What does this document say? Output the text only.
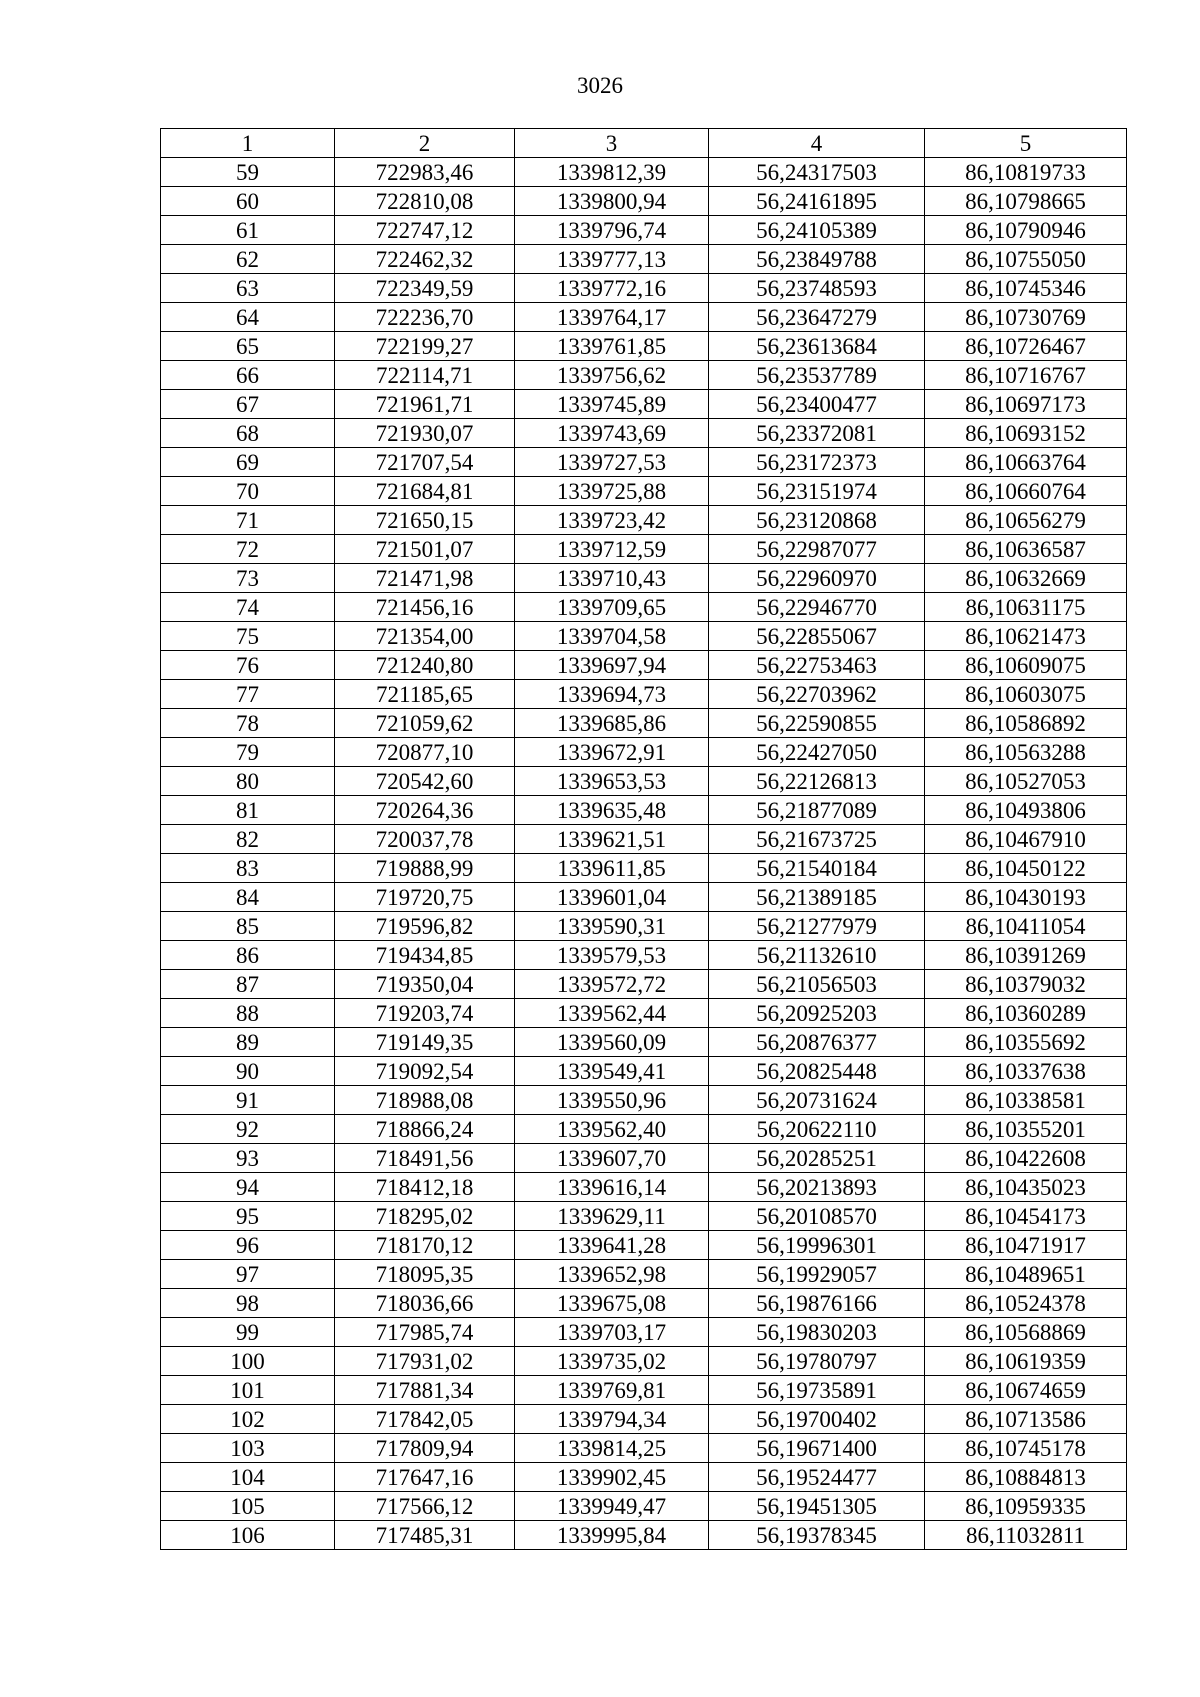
3026
1	2	3	4	5
59	722983,46	1339812,39	56,24317503	86,10819733
60	722810,08	1339800,94	56,24161895	86,10798665
61	722747,12	1339796,74	56,24105389	86,10790946
62	722462,32	1339777,13	56,23849788	86,10755050
63	722349,59	1339772,16	56,23748593	86,10745346
64	722236,70	1339764,17	56,23647279	86,10730769
65	722199,27	1339761,85	56,23613684	86,10726467
66	722114,71	1339756,62	56,23537789	86,10716767
67	721961,71	1339745,89	56,23400477	86,10697173
68	721930,07	1339743,69	56,23372081	86,10693152
69	721707,54	1339727,53	56,23172373	86,10663764
70	721684,81	1339725,88	56,23151974	86,10660764
71	721650,15	1339723,42	56,23120868	86,10656279
72	721501,07	1339712,59	56,22987077	86,10636587
73	721471,98	1339710,43	56,22960970	86,10632669
74	721456,16	1339709,65	56,22946770	86,10631175
75	721354,00	1339704,58	56,22855067	86,10621473
76	721240,80	1339697,94	56,22753463	86,10609075
77	721185,65	1339694,73	56,22703962	86,10603075
78	721059,62	1339685,86	56,22590855	86,10586892
79	720877,10	1339672,91	56,22427050	86,10563288
80	720542,60	1339653,53	56,22126813	86,10527053
81	720264,36	1339635,48	56,21877089	86,10493806
82	720037,78	1339621,51	56,21673725	86,10467910
83	719888,99	1339611,85	56,21540184	86,10450122
84	719720,75	1339601,04	56,21389185	86,10430193
85	719596,82	1339590,31	56,21277979	86,10411054
86	719434,85	1339579,53	56,21132610	86,10391269
87	719350,04	1339572,72	56,21056503	86,10379032
88	719203,74	1339562,44	56,20925203	86,10360289
89	719149,35	1339560,09	56,20876377	86,10355692
90	719092,54	1339549,41	56,20825448	86,10337638
91	718988,08	1339550,96	56,20731624	86,10338581
92	718866,24	1339562,40	56,20622110	86,10355201
93	718491,56	1339607,70	56,20285251	86,10422608
94	718412,18	1339616,14	56,20213893	86,10435023
95	718295,02	1339629,11	56,20108570	86,10454173
96	718170,12	1339641,28	56,19996301	86,10471917
97	718095,35	1339652,98	56,19929057	86,10489651
98	718036,66	1339675,08	56,19876166	86,10524378
99	717985,74	1339703,17	56,19830203	86,10568869
100	717931,02	1339735,02	56,19780797	86,10619359
101	717881,34	1339769,81	56,19735891	86,10674659
102	717842,05	1339794,34	56,19700402	86,10713586
103	717809,94	1339814,25	56,19671400	86,10745178
104	717647,16	1339902,45	56,19524477	86,10884813
105	717566,12	1339949,47	56,19451305	86,10959335
106	717485,31	1339995,84	56,19378345	86,11032811
